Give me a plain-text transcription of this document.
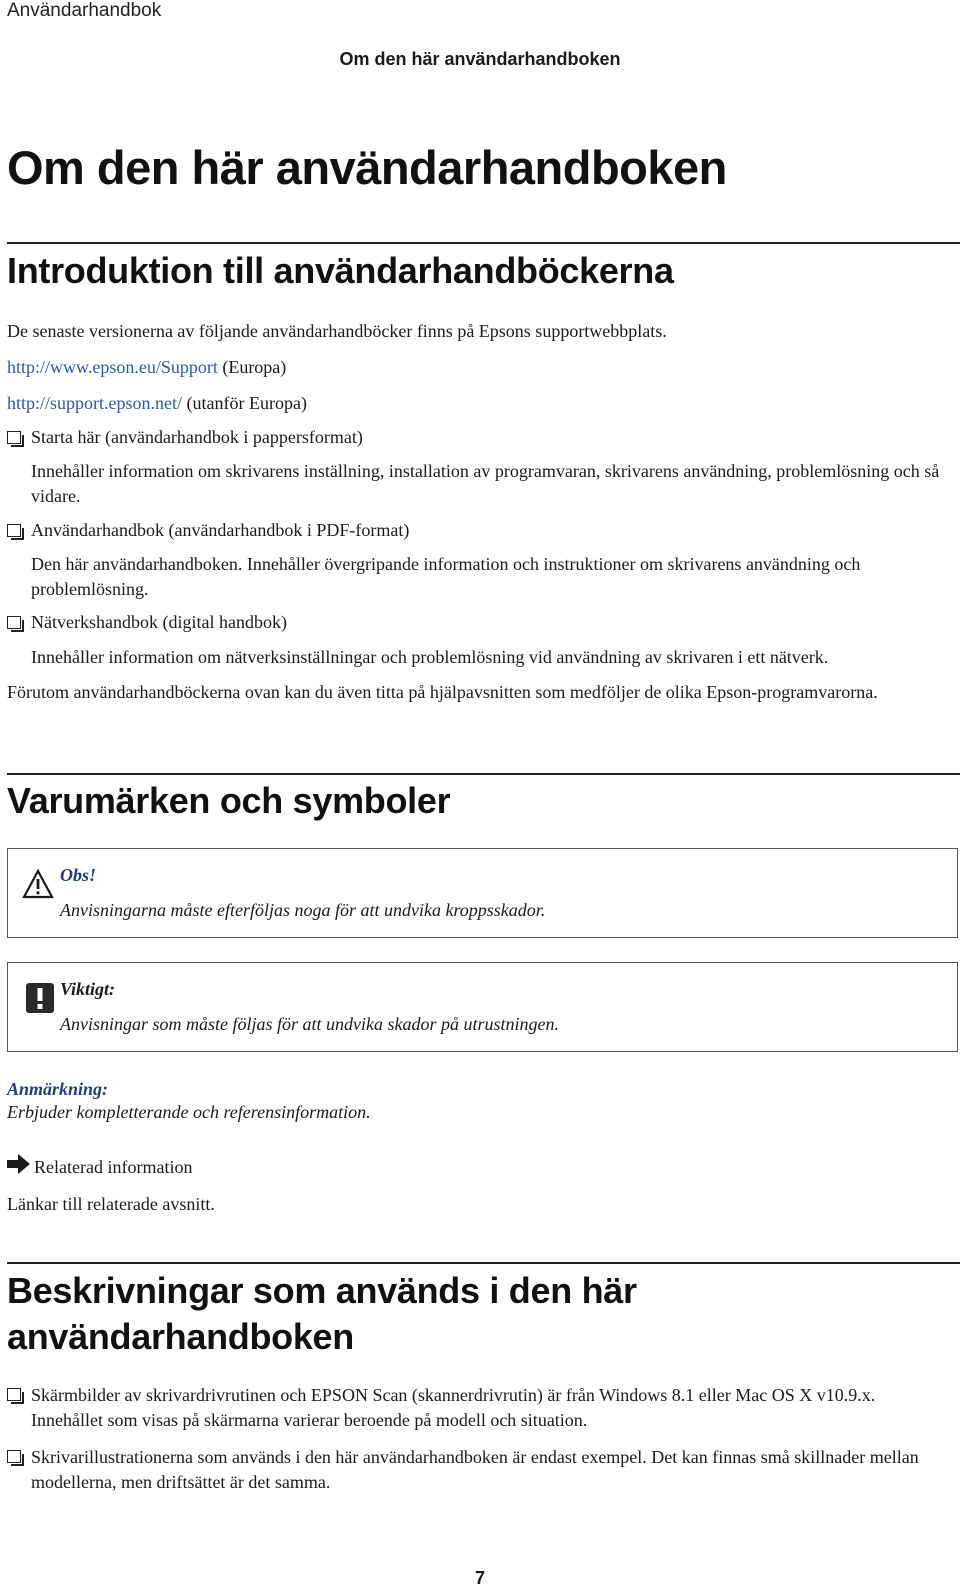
Användarhandbok
Om den här användarhandboken
Om den här användarhandboken
Introduktion till användarhandböckerna
De senaste versionerna av följande användarhandböcker finns på Epsons supportwebbplats.
http://www.epson.eu/Support (Europa)
http://support.epson.net/ (utanför Europa)
Starta här (användarhandbok i pappersformat)
Innehåller information om skrivarens inställning, installation av programvaran, skrivarens användning, problemlösning och så vidare.
Användarhandbok (användarhandbok i PDF-format)
Den här användarhandboken. Innehåller övergripande information och instruktioner om skrivarens användning och problemlösning.
Nätverkshandbok (digital handbok)
Innehåller information om nätverksinställningar och problemlösning vid användning av skrivaren i ett nätverk.
Förutom användarhandböckerna ovan kan du även titta på hjälpavsnitten som medföljer de olika Epson-programvarorna.
Varumärken och symboler
Obs!
Anvisningarna måste efterföljas noga för att undvika kroppsskador.
Viktigt:
Anvisningar som måste följas för att undvika skador på utrustningen.
Anmärkning:
Erbjuder kompletterande och referensinformation.
Relaterad information
Länkar till relaterade avsnitt.
Beskrivningar som används i den här
användarhandboken
Skärmbilder av skrivardrivrutinen och EPSON Scan (skannerdrivrutin) är från Windows 8.1 eller Mac OS X v10.9.x. Innehållet som visas på skärmarna varierar beroende på modell och situation.
Skrivarillustrationerna som används i den här användarhandboken är endast exempel. Det kan finnas små skillnader mellan modellerna, men driftsättet är det samma.
7
